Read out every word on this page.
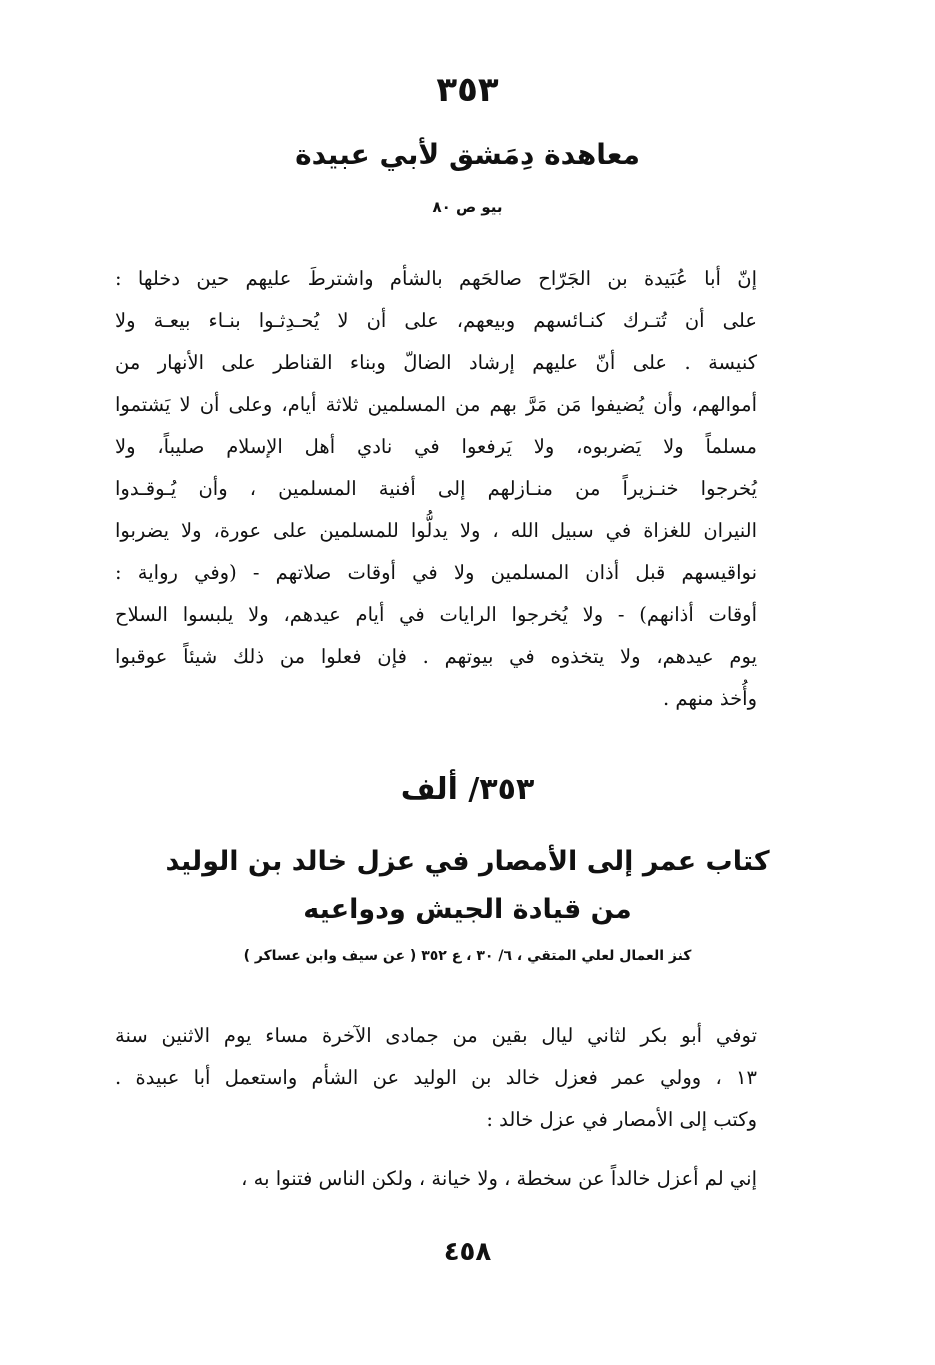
٣٥٣
معاهدة دِمَشق لأبي عبيدة
بيو ص ٨٠
إنّ أبا عُبَيدة بن الجَرّاح صالحَهم بالشأم واشترطَ عليهم حين دخلها :
على أن تُتـرك كنـائسهم وبيعهم، على أن لا يُحـدِثـوا بنـاء بيعـة ولا
كنيسة . على أنّ عليهم إرشاد الضالّ وبناء القناطر على الأنهار من
أموالهم، وأن يُضيفوا مَن مَرَّ بهم من المسلمين ثلاثة أيام، وعلى أن لا يَشتموا
مسلماً ولا يَضربوه، ولا يَرفعوا في نادي أهل الإسلام صليباً، ولا
يُخرجوا خنـزيراً من منـازلهم إلى أفنية المسلمين ، وأن يُـوقـدوا
النيران للغزاة في سبيل الله ، ولا يدلُّوا للمسلمين على عورة، ولا يضربوا
نواقيسهم قبل أذان المسلمين ولا في أوقات صلاتهم - (وفي رواية :
أوقات أذانهم) - ولا يُخرجوا الرايات في أيام عيدهم، ولا يلبسوا السلاح
يوم عيدهم، ولا يتخذوه في بيوتهم . فإن فعلوا من ذلك شيئاً عوقبوا
وأُخذ منهم .
٣٥٣/ ألف
كتاب عمر إلى الأمصار في عزل خالد بن الوليد
من قيادة الجيش ودواعيه
كنز العمال لعلي المتقي ، ٦/ ٣٠ ، ع ٣٥٢ ( عن سيف وابن عساكر )
توفي أبو بكر لثاني ليال بقين من جمادى الآخرة مساء يوم الاثنين سنة
١٣ ، وولي عمر فعزل خالد بن الوليد عن الشأم واستعمل أبا عبيدة .
وكتب إلى الأمصار في عزل خالد :
إني لم أعزل خالداً عن سخطة ، ولا خيانة ، ولكن الناس فتنوا به ،
٤٥٨
